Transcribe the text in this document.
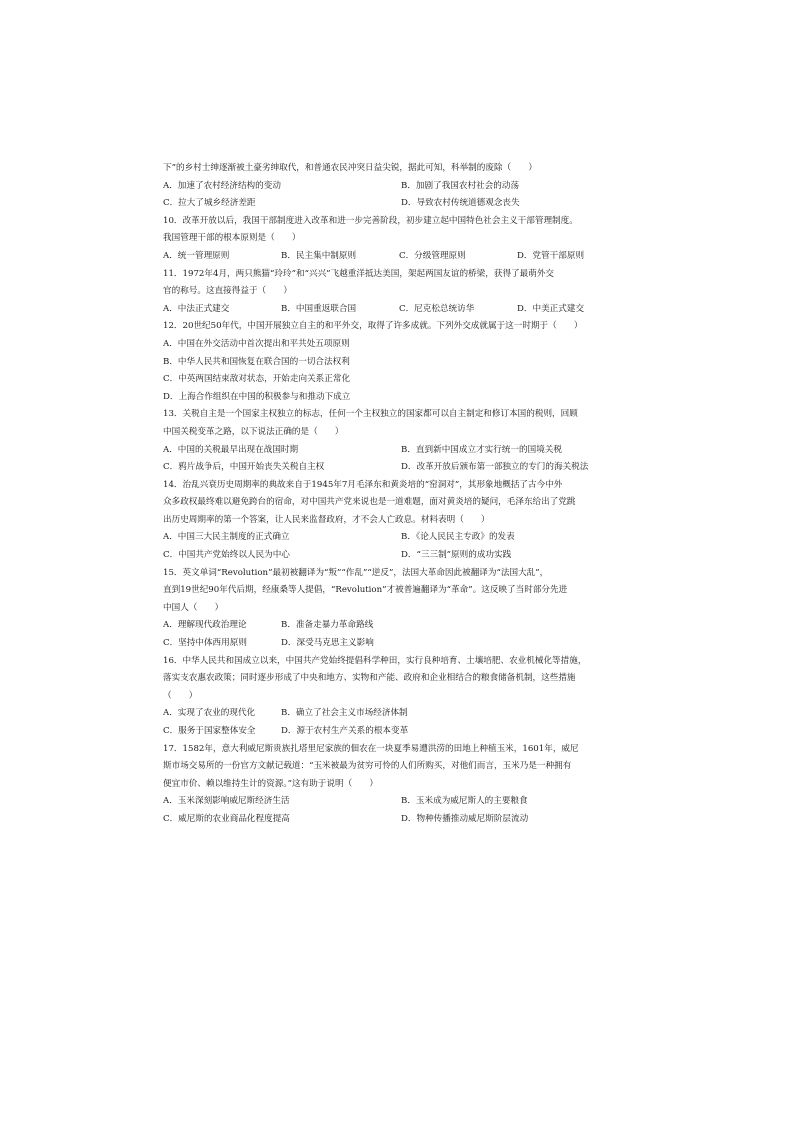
下”的乡村士绅逐渐被土豪劣绅取代，和普通农民冲突日益尖锐，据此可知，科举制的废除（　　）
A．加速了农村经济结构的变动	B．加剧了我国农村社会的动荡
C．拉大了城乡经济差距	D．导致农村传统道德观念丧失
10．改革开放以后，我国干部制度进入改革和进一步完善阶段，初步建立起中国特色社会主义干部管理制度。
我国管理干部的根本原则是（　　）
A．统一管理原则	B．民主集中制原则	C．分级管理原则	D．党管干部原则
11．1972年4月，两只熊猫“玲玲”和“兴兴”飞越重洋抵达美国，架起两国友谊的桥梁，获得了最萌外交
官的称号。这直接得益于（　　）
A．中法正式建交	B．中国重返联合国	C．尼克松总统访华	D．中美正式建交
12．20世纪50年代，中国开展独立自主的和平外交，取得了许多成就。下列外交成就属于这一时期于（　　）
A．中国在外交活动中首次提出和平共处五项原则
B．中华人民共和国恢复在联合国的一切合法权利
C．中英两国结束敌对状态，开始走向关系正常化
D．上海合作组织在中国的积极参与和推动下成立
13．关税自主是一个国家主权独立的标志，任何一个主权独立的国家都可以自主制定和修订本国的税则，回顾
中国关税变革之路，以下说法正确的是（　　）
A．中国的关税最早出现在战国时期	B．直到新中国成立才实行统一的国境关税
C．鸦片战争后，中国开始丧失关税自主权	D．改革开放后颁布第一部独立的专门的海关税法
14．治乱兴衰历史周期率的典故来自于1945年7月毛泽东和黄炎培的“窑洞对”，其形象地概括了古今中外
众多政权最终难以避免跨台的宿命，对中国共产党来说也是一道难题，面对黄炎培的疑问，毛泽东给出了党跳
出历史周期率的第一个答案，让人民来监督政府，才不会人亡政息。材料表明（　　）
A．中国三大民主制度的正式确立	B．《论人民民主专政》的发表
C．中国共产党始终以人民为中心	D．“三三制”原则的成功实践
15．英文单词“Revolution”最初被翻译为“叛”“作乱”“逆反”，法国大革命因此被翻译为“法国大乱”，
直到19世纪90年代后期，经康桑等人提倡，“Revolution”才被普遍翻译为“革命”。这反映了当时部分先进
中国人（　　）
A．理解现代政治理论	B．准备走暴力革命路线
C．坚持中体西用原则	D．深受马克思主义影响
16．中华人民共和国成立以来，中国共产党始终提倡科学种田，实行良种培育、土壤培肥、农业机械化等措施，
落实支农惠农政策；同时逐步形成了中央和地方、实物和产能、政府和企业相结合的粮食储备机制，这些措施
（　　）
A．实现了农业的现代化	B．确立了社会主义市场经济体制
C．服务于国家整体安全	D．源于农村生产关系的根本变革
17．1582年，意大利威尼斯贵族扎塔里尼家族的佃农在一块夏季易遭洪涝的田地上种植玉米，1601年，威尼
斯市场交易所的一份官方文献记载道：“玉米被最为贫穷可怜的人们所购买，对他们而言，玉米乃是一种拥有
便宜市价、赖以维持生计的资源。”这有助于说明（　　）
A．玉米深刻影响威尼斯经济生活	B．玉米成为威尼斯人的主要粮食
C．威尼斯的农业商品化程度提高	D．物种传播推动威尼斯阶层流动
